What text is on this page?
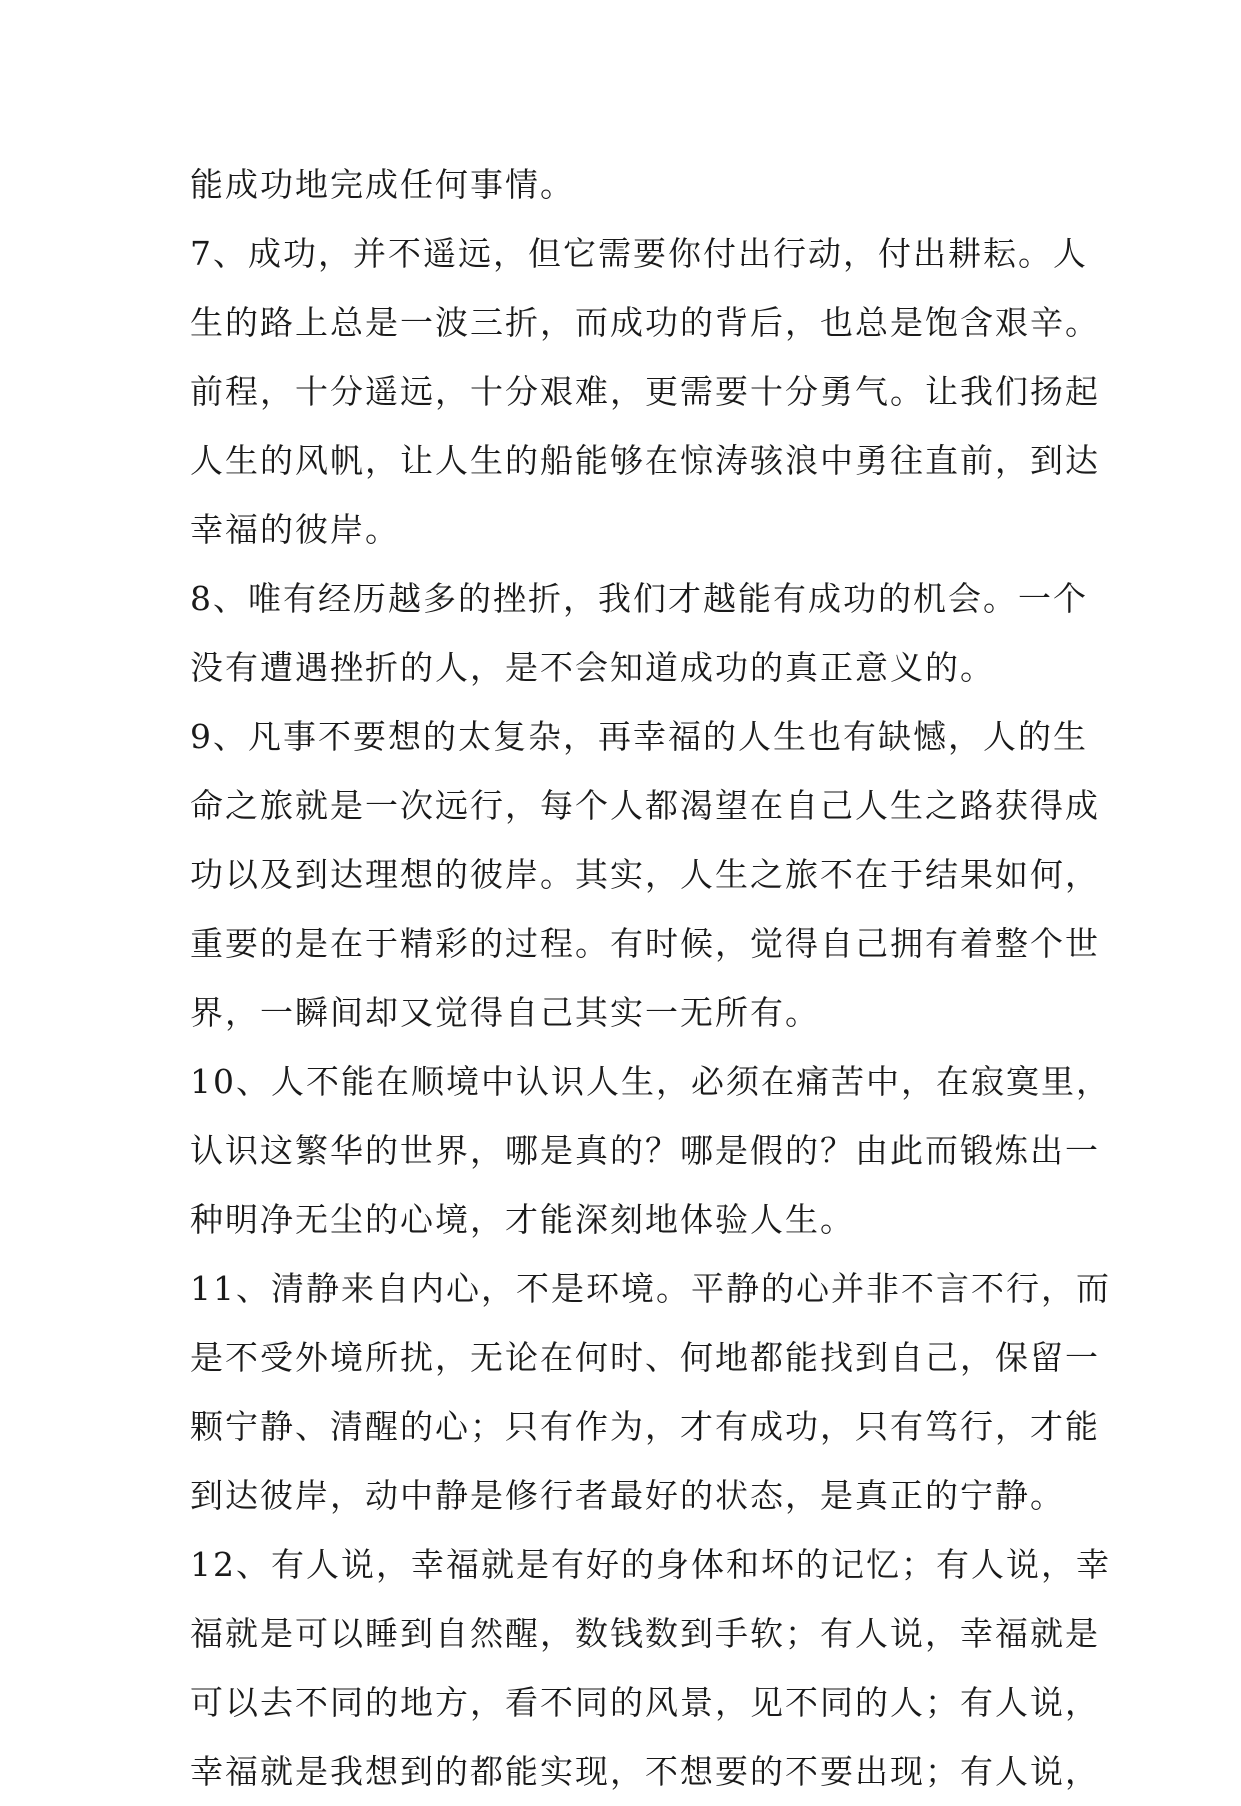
能成功地完成任何事情。
7、成功，并不遥远，但它需要你付出行动，付出耕耘。人
生的路上总是一波三折，而成功的背后，也总是饱含艰辛。
前程，十分遥远，十分艰难，更需要十分勇气。让我们扬起
人生的风帆，让人生的船能够在惊涛骇浪中勇往直前，到达
幸福的彼岸。
8、唯有经历越多的挫折，我们才越能有成功的机会。一个
没有遭遇挫折的人，是不会知道成功的真正意义的。
9、凡事不要想的太复杂，再幸福的人生也有缺憾，人的生
命之旅就是一次远行，每个人都渴望在自己人生之路获得成
功以及到达理想的彼岸。其实，人生之旅不在于结果如何，
重要的是在于精彩的过程。有时候，觉得自己拥有着整个世
界，一瞬间却又觉得自己其实一无所有。
10、人不能在顺境中认识人生，必须在痛苦中，在寂寞里，
认识这繁华的世界，哪是真的？哪是假的？由此而锻炼出一
种明净无尘的心境，才能深刻地体验人生。
11、清静来自内心，不是环境。平静的心并非不言不行，而
是不受外境所扰，无论在何时、何地都能找到自己，保留一
颗宁静、清醒的心；只有作为，才有成功，只有笃行，才能
到达彼岸，动中静是修行者最好的状态，是真正的宁静。
12、有人说，幸福就是有好的身体和坏的记忆；有人说，幸
福就是可以睡到自然醒，数钱数到手软；有人说，幸福就是
可以去不同的地方，看不同的风景，见不同的人；有人说，
幸福就是我想到的都能实现，不想要的不要出现；有人说，
